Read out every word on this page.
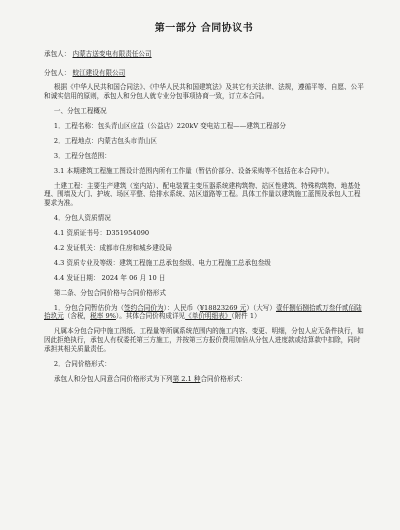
第一部分 合同协议书
承包人： 内蒙古送变电有限责任公司
分包人： 蛟江建设有限公司
根据《中华人民共和国合同法》、《中华人民共和国建筑法》及其它有关法律、法规，遵循平等、自愿、公平和诚实信用的原则，承包人和分包人就专业分包事项协商一致，订立本合同。
一、分包工程概况
1．工程名称：包头青山区应益（公益店）220kV 变电站工程——建筑工程部分
2．工程地点：内蒙古包头市青山区
3．工程分包范围：
3.1 本期建筑工程施工图设计范围内所有工作量（暂估价部分、设备采购等不包括在本合同中）。
土建工程：主要生产建筑（室内站）、配电装置主变压器系统建构筑物、站区性建筑、特殊构筑物、地基处理、围墙及大门、护坡、场区平整、给排水系统、站区道路等工程。具体工作量以建筑施工蓝图及承包人工程要求为准。
4．分包人资质情况
4.1 资质证书号：D351954090
4.2 发证机关：成都市住房和城乡建设局
4.3 资质专业及等级：建筑工程施工总承包叁级、电力工程施工总承包叁级
4.4 发证日期： 2024 年 06 月 10 日
第二条、分包合同价格与合同价格形式
1．分包合同暂估价为（签约合同价为）：人民币（¥18823269 元）（大写）壹仟捌佰捌拾贰万叁仟贰佰陆拾玖元（含税，税率 9%）。其体合同价构成详见《单价明细表》（附件 1）
凡属本分包合同中施工图纸、工程量等所属系统范围内的施工内容、变更、明细，分包人应无条件执行，如因此拒绝执行，承包人有权委托第三方施工，并按第三方报价费用加倍从分包人进度款或结算款中扣除，同时承担其相关质量责任。
2．合同价格形式：
承包人和分包人同意合同价格形式为下列第 2.1 种合同价格形式：
